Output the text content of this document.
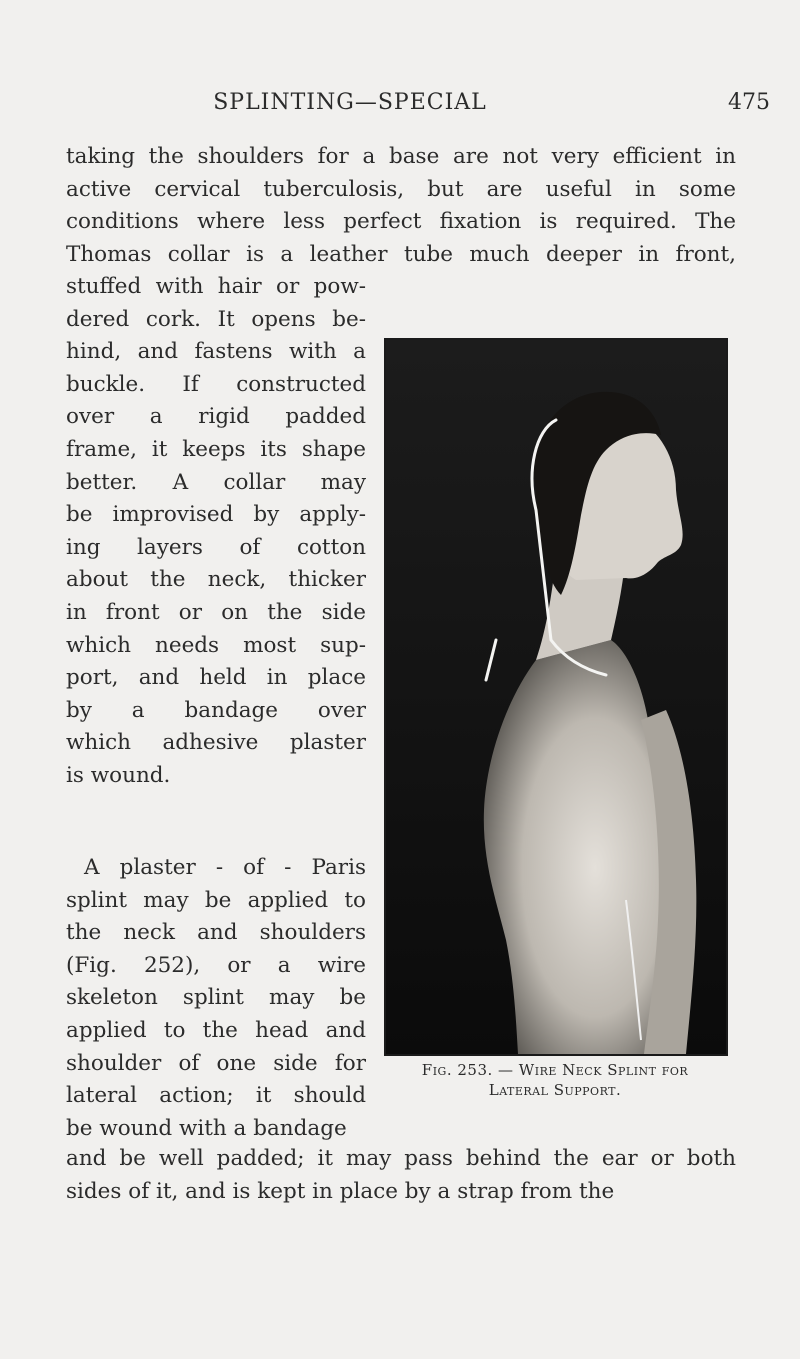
SPLINTING—SPECIAL	475
taking the shoulders for a base are not very efficient in
active cervical tuberculosis, but are useful in some
conditions where less perfect fixation is required. The
Thomas collar is a leather tube much deeper in front,
stuffed with hair or pow-
dered cork. It opens be-
hind, and fastens with a
buckle. If constructed
over a rigid padded
frame, it keeps its shape
better. A collar may
be improvised by apply-
ing layers of cotton
about the neck, thicker
in front or on the side
which needs most sup-
port, and held in place
by a bandage over
which adhesive plaster
is wound.
A plaster - of - Paris
splint may be applied to
the neck and shoulders
(Fig. 252), or a wire
skeleton splint may be
applied to the head and
shoulder of one side for
lateral action; it should
be wound with a bandage
and be well padded; it may pass behind the ear or both
sides of it, and is kept in place by a strap from the
Fig. 253. — Wire Neck Splint for
Lateral Support.
